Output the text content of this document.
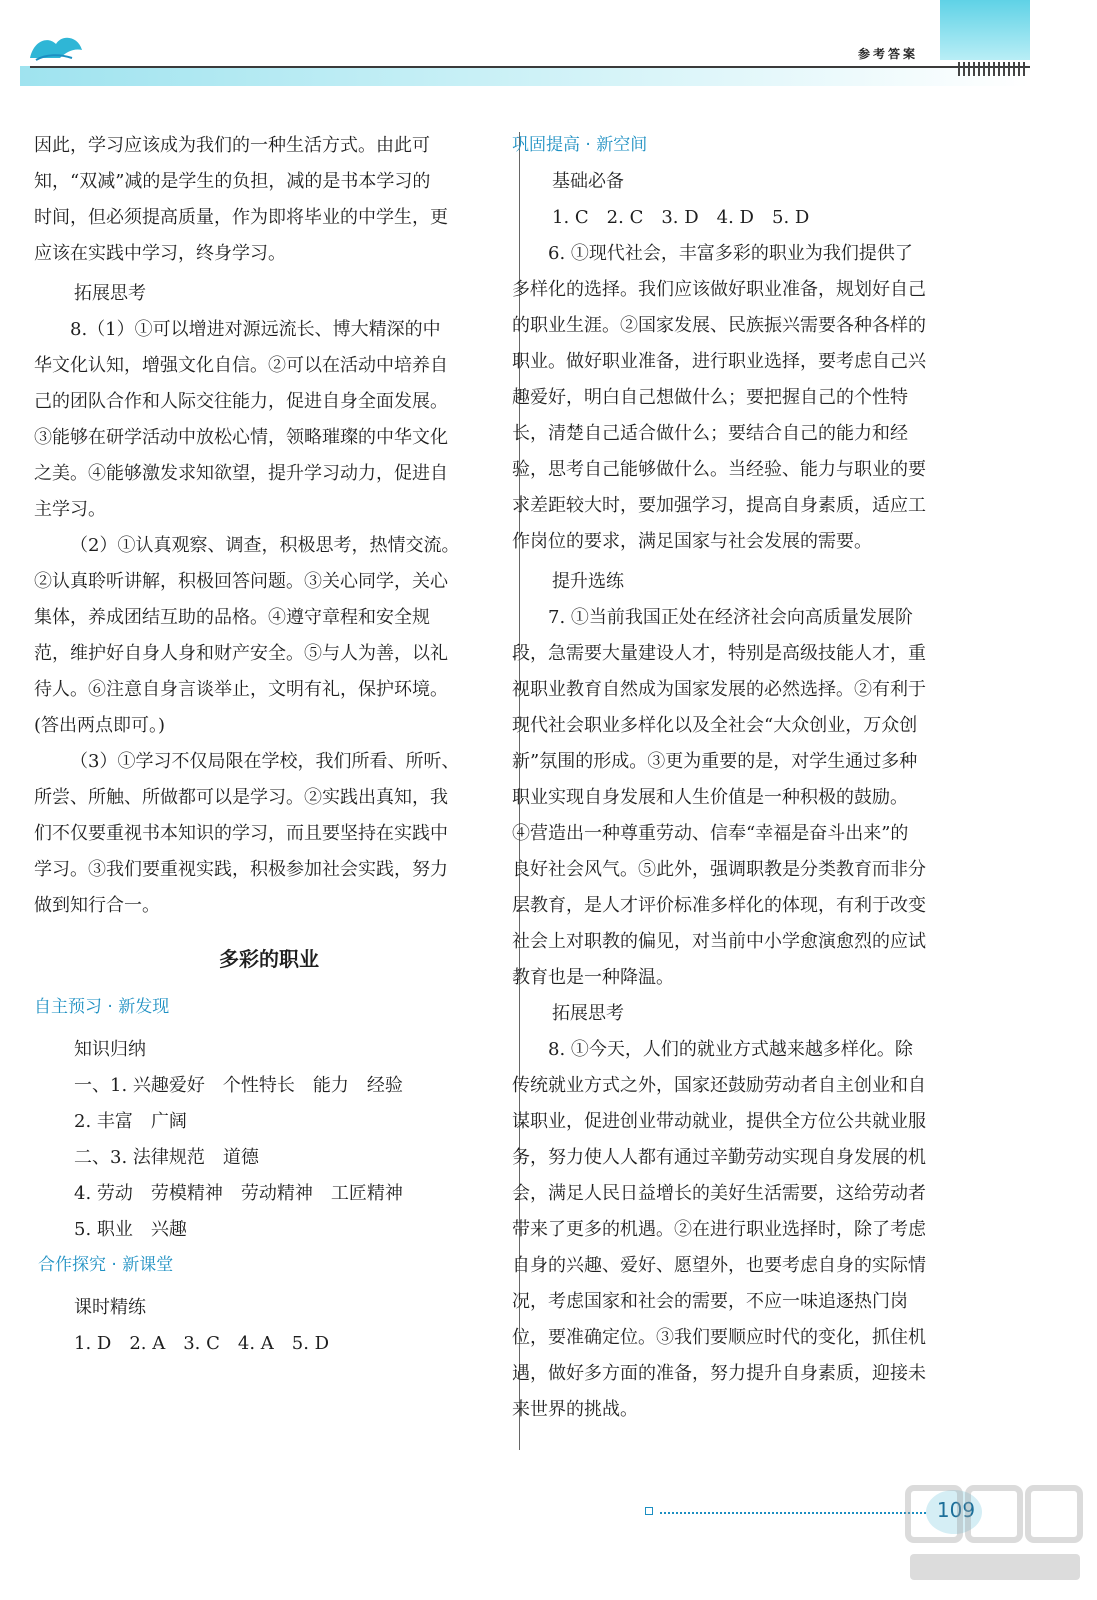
参考答案
因此，学习应该成为我们的一种生活方式。由此可
知，“双减”减的是学生的负担，减的是书本学习的
时间，但必须提高质量，作为即将毕业的中学生，更
应该在实践中学习，终身学习。
拓展思考
8.（1）①可以增进对源远流长、博大精深的中
华文化认知，增强文化自信。②可以在活动中培养自
己的团队合作和人际交往能力，促进自身全面发展。
③能够在研学活动中放松心情，领略璀璨的中华文化
之美。④能够激发求知欲望，提升学习动力，促进自
主学习。
（2）①认真观察、调查，积极思考，热情交流。
②认真聆听讲解，积极回答问题。③关心同学，关心
集体，养成团结互助的品格。④遵守章程和安全规
范，维护好自身人身和财产安全。⑤与人为善，以礼
待人。⑥注意自身言谈举止，文明有礼，保护环境。
(答出两点即可。)
（3）①学习不仅局限在学校，我们所看、所听、
所尝、所触、所做都可以是学习。②实践出真知，我
们不仅要重视书本知识的学习，而且要坚持在实践中
学习。③我们要重视实践，积极参加社会实践，努力
做到知行合一。
多彩的职业
自主预习 · 新发现
知识归纳
一、1. 兴趣爱好　个性特长　能力　经验
2. 丰富　广阔
二、3. 法律规范　道德
4. 劳动　劳模精神　劳动精神　工匠精神
5. 职业　兴趣
合作探究 · 新课堂
课时精练
1. D　2. A　3. C　4. A　5. D
巩固提高 · 新空间
基础必备
1. C　2. C　3. D　4. D　5. D
6. ①现代社会，丰富多彩的职业为我们提供了
多样化的选择。我们应该做好职业准备，规划好自己
的职业生涯。②国家发展、民族振兴需要各种各样的
职业。做好职业准备，进行职业选择，要考虑自己兴
趣爱好，明白自己想做什么；要把握自己的个性特
长，清楚自己适合做什么；要结合自己的能力和经
验，思考自己能够做什么。当经验、能力与职业的要
求差距较大时，要加强学习，提高自身素质，适应工
作岗位的要求，满足国家与社会发展的需要。
提升选练
7. ①当前我国正处在经济社会向高质量发展阶
段，急需要大量建设人才，特别是高级技能人才，重
视职业教育自然成为国家发展的必然选择。②有利于
现代社会职业多样化以及全社会“大众创业，万众创
新”氛围的形成。③更为重要的是，对学生通过多种
职业实现自身发展和人生价值是一种积极的鼓励。
④营造出一种尊重劳动、信奉“幸福是奋斗出来”的
良好社会风气。⑤此外，强调职教是分类教育而非分
层教育，是人才评价标准多样化的体现，有利于改变
社会上对职教的偏见，对当前中小学愈演愈烈的应试
教育也是一种降温。
拓展思考
8. ①今天，人们的就业方式越来越多样化。除
传统就业方式之外，国家还鼓励劳动者自主创业和自
谋职业，促进创业带动就业，提供全方位公共就业服
务，努力使人人都有通过辛勤劳动实现自身发展的机
会，满足人民日益增长的美好生活需要，这给劳动者
带来了更多的机遇。②在进行职业选择时，除了考虑
自身的兴趣、爱好、愿望外，也要考虑自身的实际情
况，考虑国家和社会的需要，不应一味追逐热门岗
位，要准确定位。③我们要顺应时代的变化，抓住机
遇，做好多方面的准备，努力提升自身素质，迎接未
来世界的挑战。
109
